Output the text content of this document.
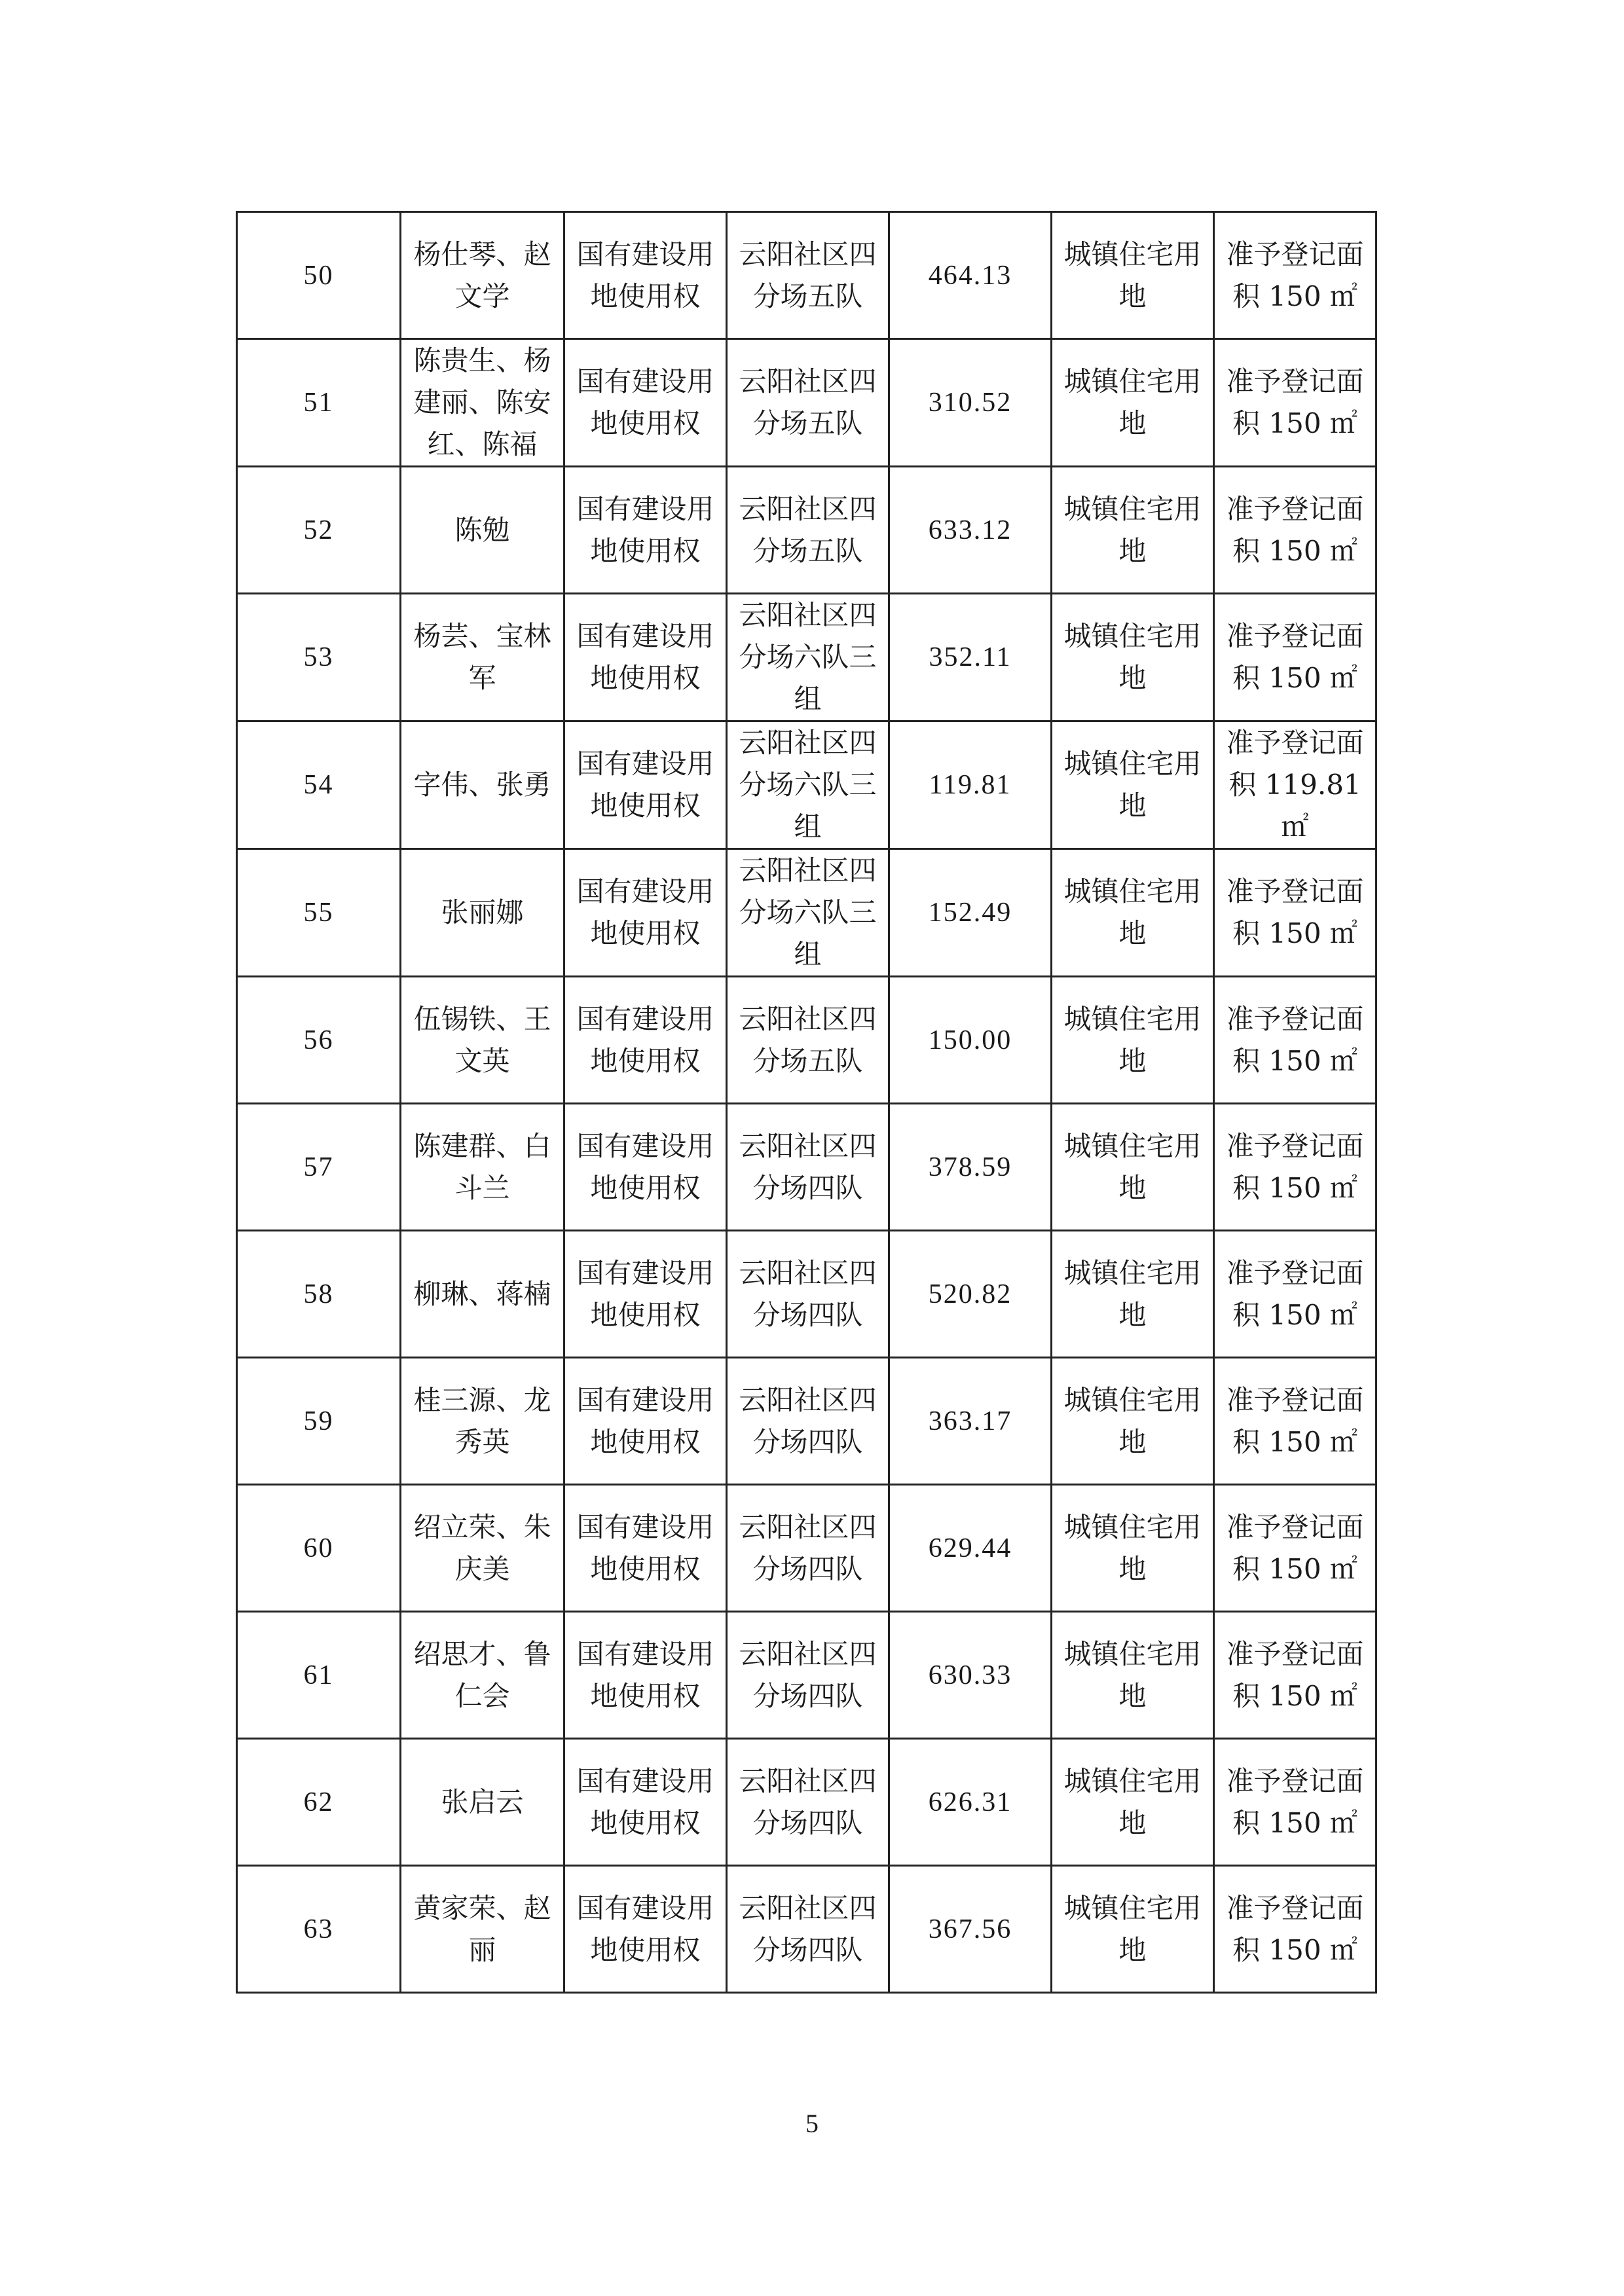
50	杨仕琴、赵文学	国有建设用地使用权	云阳社区四分场五队	464.13	城镇住宅用地	准予登记面积 150 ㎡
51	陈贵生、杨建丽、陈安红、陈福	国有建设用地使用权	云阳社区四分场五队	310.52	城镇住宅用地	准予登记面积 150 ㎡
52	陈勉	国有建设用地使用权	云阳社区四分场五队	633.12	城镇住宅用地	准予登记面积 150 ㎡
53	杨芸、宝林军	国有建设用地使用权	云阳社区四分场六队三组	352.11	城镇住宅用地	准予登记面积 150 ㎡
54	字伟、张勇	国有建设用地使用权	云阳社区四分场六队三组	119.81	城镇住宅用地	准予登记面积 119.81 ㎡
55	张丽娜	国有建设用地使用权	云阳社区四分场六队三组	152.49	城镇住宅用地	准予登记面积 150 ㎡
56	伍锡铁、王文英	国有建设用地使用权	云阳社区四分场五队	150.00	城镇住宅用地	准予登记面积 150 ㎡
57	陈建群、白斗兰	国有建设用地使用权	云阳社区四分场四队	378.59	城镇住宅用地	准予登记面积 150 ㎡
58	柳琳、蒋楠	国有建设用地使用权	云阳社区四分场四队	520.82	城镇住宅用地	准予登记面积 150 ㎡
59	桂三源、龙秀英	国有建设用地使用权	云阳社区四分场四队	363.17	城镇住宅用地	准予登记面积 150 ㎡
60	绍立荣、朱庆美	国有建设用地使用权	云阳社区四分场四队	629.44	城镇住宅用地	准予登记面积 150 ㎡
61	绍思才、鲁仁会	国有建设用地使用权	云阳社区四分场四队	630.33	城镇住宅用地	准予登记面积 150 ㎡
62	张启云	国有建设用地使用权	云阳社区四分场四队	626.31	城镇住宅用地	准予登记面积 150 ㎡
63	黄家荣、赵丽	国有建设用地使用权	云阳社区四分场四队	367.56	城镇住宅用地	准予登记面积 150 ㎡
5
